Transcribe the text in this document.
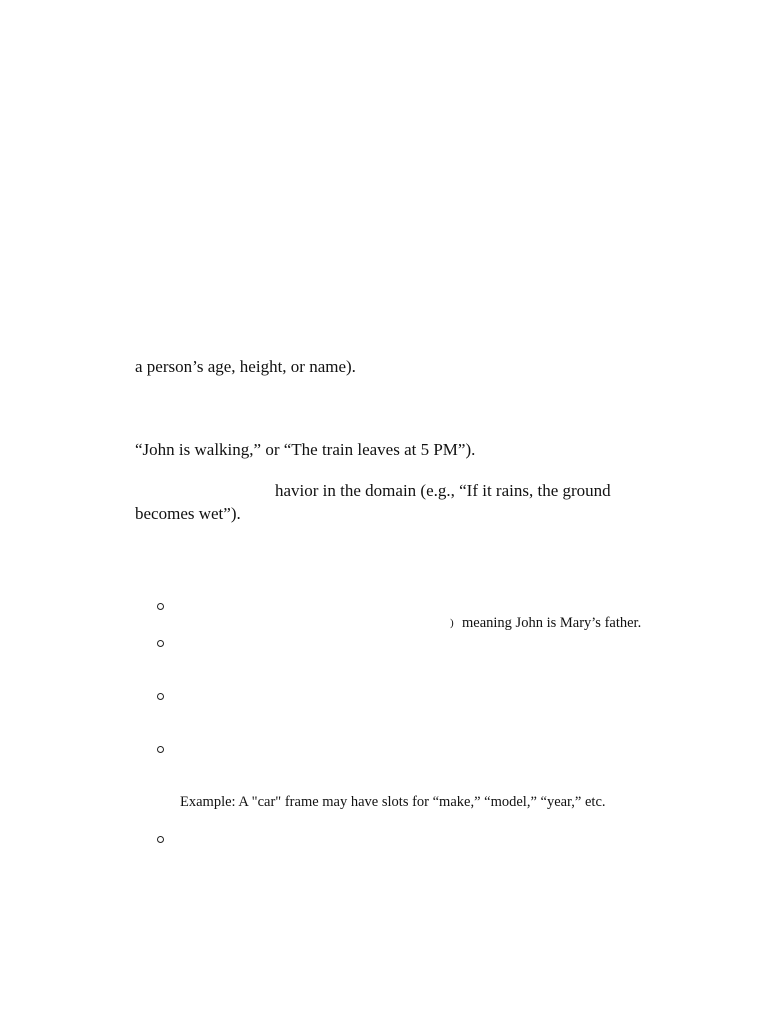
a person’s age, height, or name).
“John is walking,” or “The train leaves at 5 PM”).
havior in the domain (e.g., “If it rains, the ground
becomes wet”).
) meaning John is Mary’s father.
Example: A "car" frame may have slots for “make,” “model,” “year,” etc.
